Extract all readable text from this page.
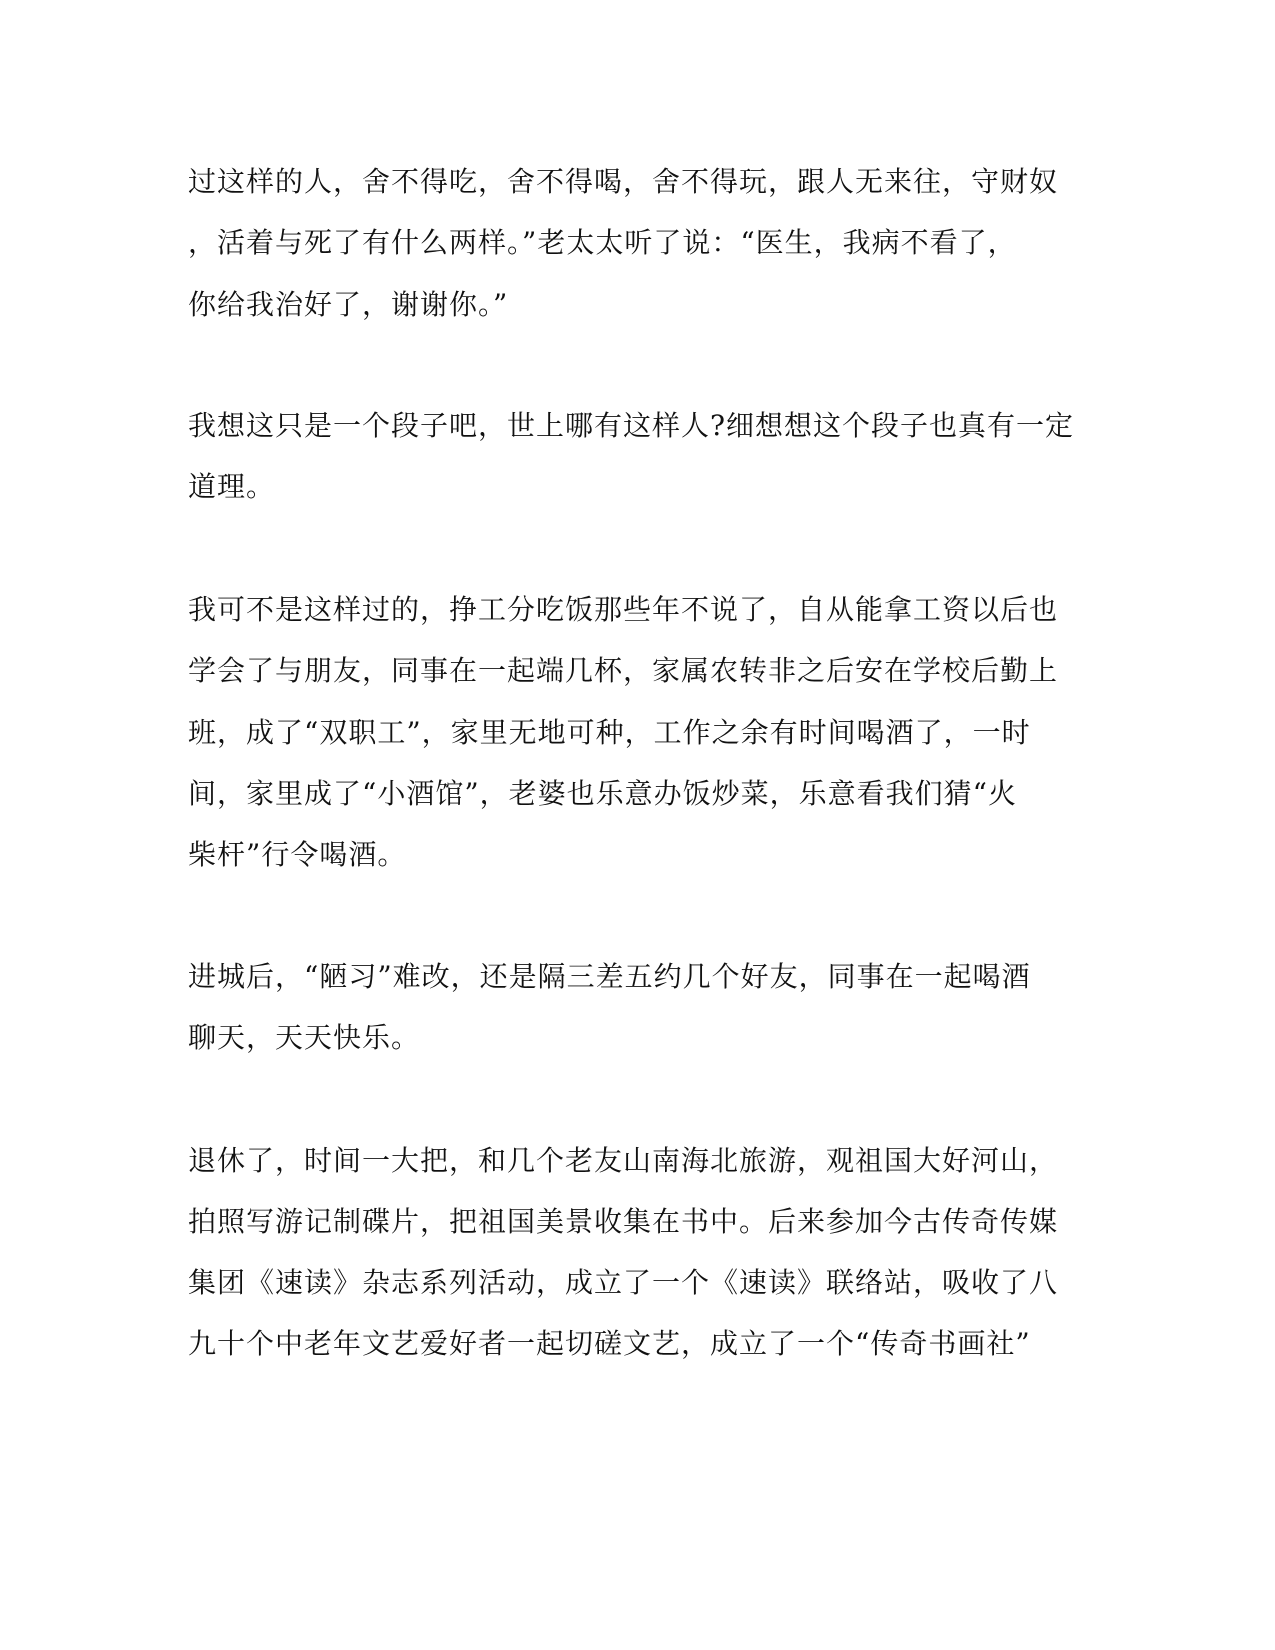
过这样的人，舍不得吃，舍不得喝，舍不得玩，跟人无来往，守财奴
，活着与死了有什么两样。”老太太听了说：“医生，我病不看了，
你给我治好了，谢谢你。”
我想这只是一个段子吧，世上哪有这样人?细想想这个段子也真有一定
道理。
我可不是这样过的，挣工分吃饭那些年不说了，自从能拿工资以后也
学会了与朋友，同事在一起端几杯，家属农转非之后安在学校后勤上
班，成了“双职工”，家里无地可种，工作之余有时间喝酒了，一时
间，家里成了“小酒馆”，老婆也乐意办饭炒菜，乐意看我们猜“火
柴杆”行令喝酒。
进城后，“陋习”难改，还是隔三差五约几个好友，同事在一起喝酒
聊天，天天快乐。
退休了，时间一大把，和几个老友山南海北旅游，观祖国大好河山，
拍照写游记制碟片，把祖国美景收集在书中。后来参加今古传奇传媒
集团《速读》杂志系列活动，成立了一个《速读》联络站，吸收了八
九十个中老年文艺爱好者一起切磋文艺，成立了一个“传奇书画社”
